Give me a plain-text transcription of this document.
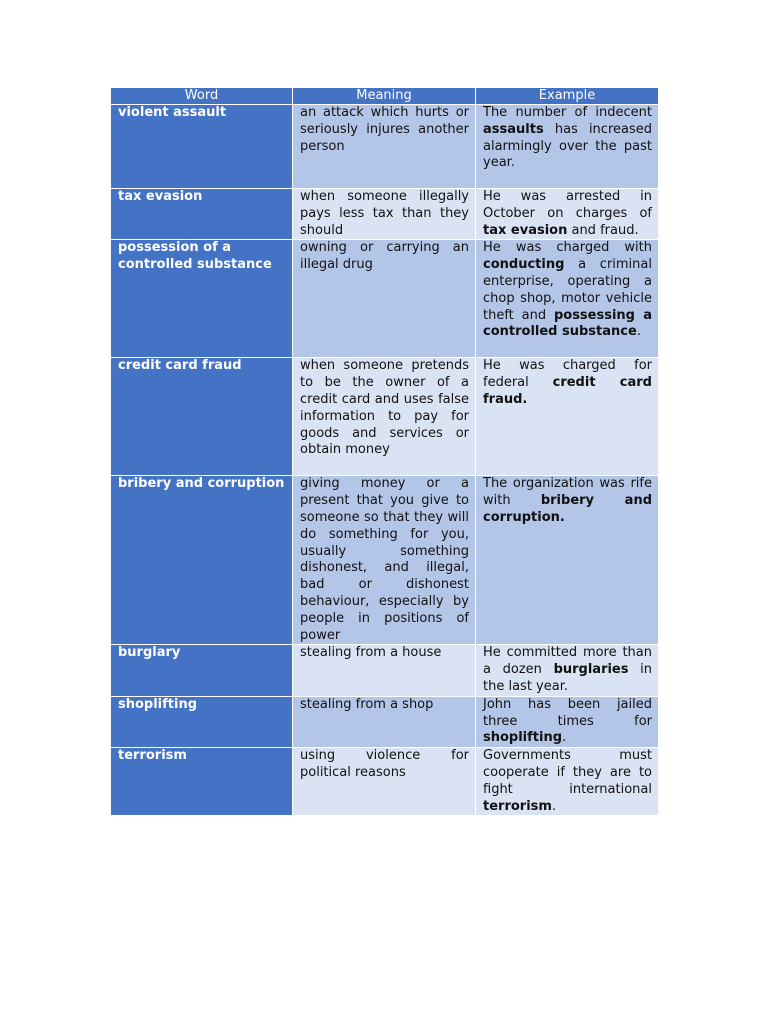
Word	Meaning	Example
violent assault	an attack which hurts or seriously injures another person	The number of indecent assaults has increased alarmingly over the past year.
tax evasion	when someone illegally pays less tax than they should	He was arrested in October on charges of tax evasion and fraud.
possession of a controlled substance	owning or carrying an illegal drug	He was charged with conducting a criminal enterprise, operating a chop shop, motor vehicle theft and possessing a controlled substance.
credit card fraud	when someone pretends to be the owner of a credit card and uses false information to pay for goods and services or obtain money	He was charged for federal credit card fraud.
bribery and corruption	giving money or a present that you give to someone so that they will do something for you, usually something dishonest, and illegal, bad or dishonest behaviour, especially by people in positions of power	The organization was rife with bribery and corruption.
burglary	stealing from a house	He committed more than a dozen burglaries in the last year.
shoplifting	stealing from a shop	John has been jailed three times for shoplifting.
terrorism	using violence for political reasons	Governments must cooperate if they are to fight international terrorism.
